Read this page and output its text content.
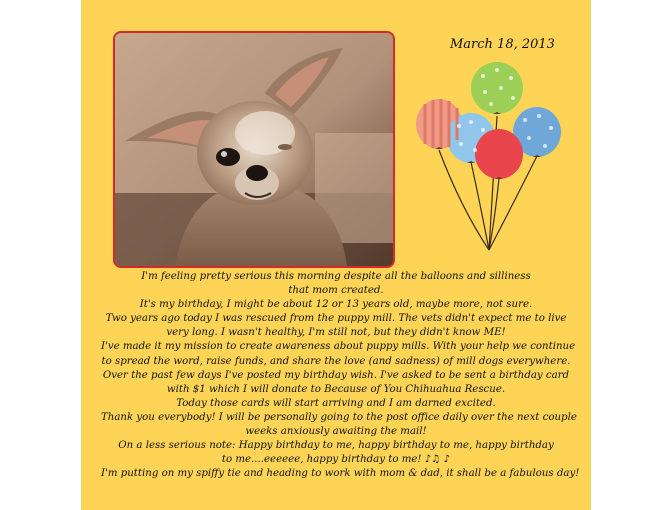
March 18, 2013
I'm feeling pretty serious this morning despite all the balloons and silliness
that mom created.
It's my birthday, I might be about 12 or 13 years old, maybe more, not sure.
Two years ago today I was rescued from the puppy mill. The vets didn't expect me to live
very long. I wasn't healthy, I'm still not, but they didn't know ME!
I've made it my mission to create awareness about puppy mills. With your help we continue
to spread the word, raise funds, and share the love (and sadness) of mill dogs everywhere.
Over the past few days I've posted my birthday wish. I've asked to be sent a birthday card
with $1 which I will donate to Because of You Chihuahua Rescue.
Today those cards will start arriving and I am darned excited.
Thank you everybody! I will be personally going to the post office daily over the next couple
weeks anxiously awaiting the mail!
On a less serious note: Happy birthday to me, happy birthday to me, happy birthday
to me....eeeeee, happy birthday to me! ♪♫ ♪
I'm putting on my spiffy tie and heading to work with mom & dad, it shall be a fabulous day!
